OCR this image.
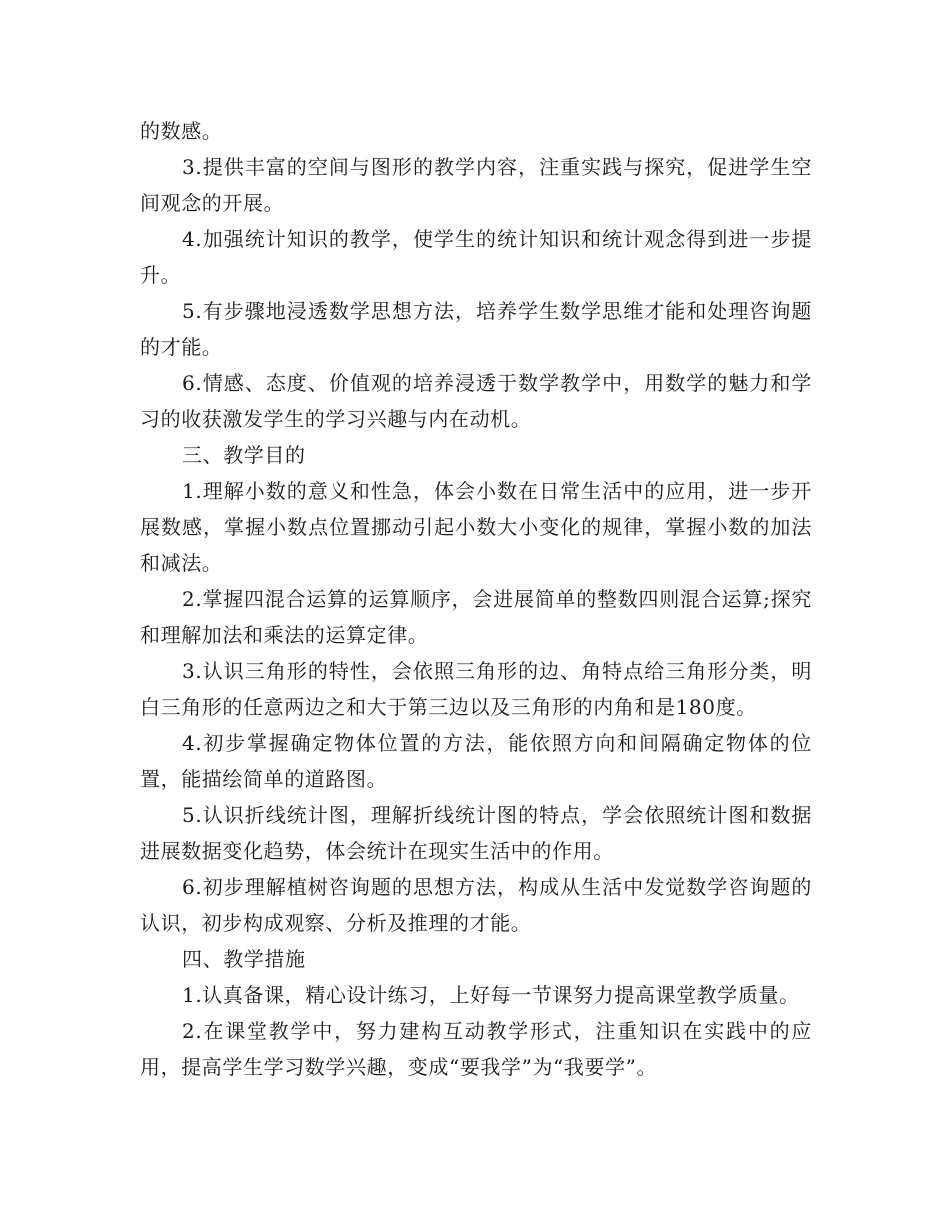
的数感。

3.提供丰富的空间与图形的教学内容，注重实践与探究，促进学生空间观念的开展。

4.加强统计知识的教学，使学生的统计知识和统计观念得到进一步提升。

5.有步骤地浸透数学思想方法，培养学生数学思维才能和处理咨询题的才能。

6.情感、态度、价值观的培养浸透于数学教学中，用数学的魅力和学习的收获激发学生的学习兴趣与内在动机。

三、教学目的

1.理解小数的意义和性急，体会小数在日常生活中的应用，进一步开展数感，掌握小数点位置挪动引起小数大小变化的规律，掌握小数的加法和减法。

2.掌握四混合运算的运算顺序，会进展简单的整数四则混合运算;探究和理解加法和乘法的运算定律。

3.认识三角形的特性，会依照三角形的边、角特点给三角形分类，明白三角形的任意两边之和大于第三边以及三角形的内角和是180度。

4.初步掌握确定物体位置的方法，能依照方向和间隔确定物体的位置，能描绘简单的道路图。

5.认识折线统计图，理解折线统计图的特点，学会依照统计图和数据进展数据变化趋势，体会统计在现实生活中的作用。

6.初步理解植树咨询题的思想方法，构成从生活中发觉数学咨询题的认识，初步构成观察、分析及推理的才能。

四、教学措施

1.认真备课，精心设计练习，上好每一节课努力提高课堂教学质量。

2.在课堂教学中，努力建构互动教学形式，注重知识在实践中的应用，提高学生学习数学兴趣，变成“要我学”为“我要学”。
